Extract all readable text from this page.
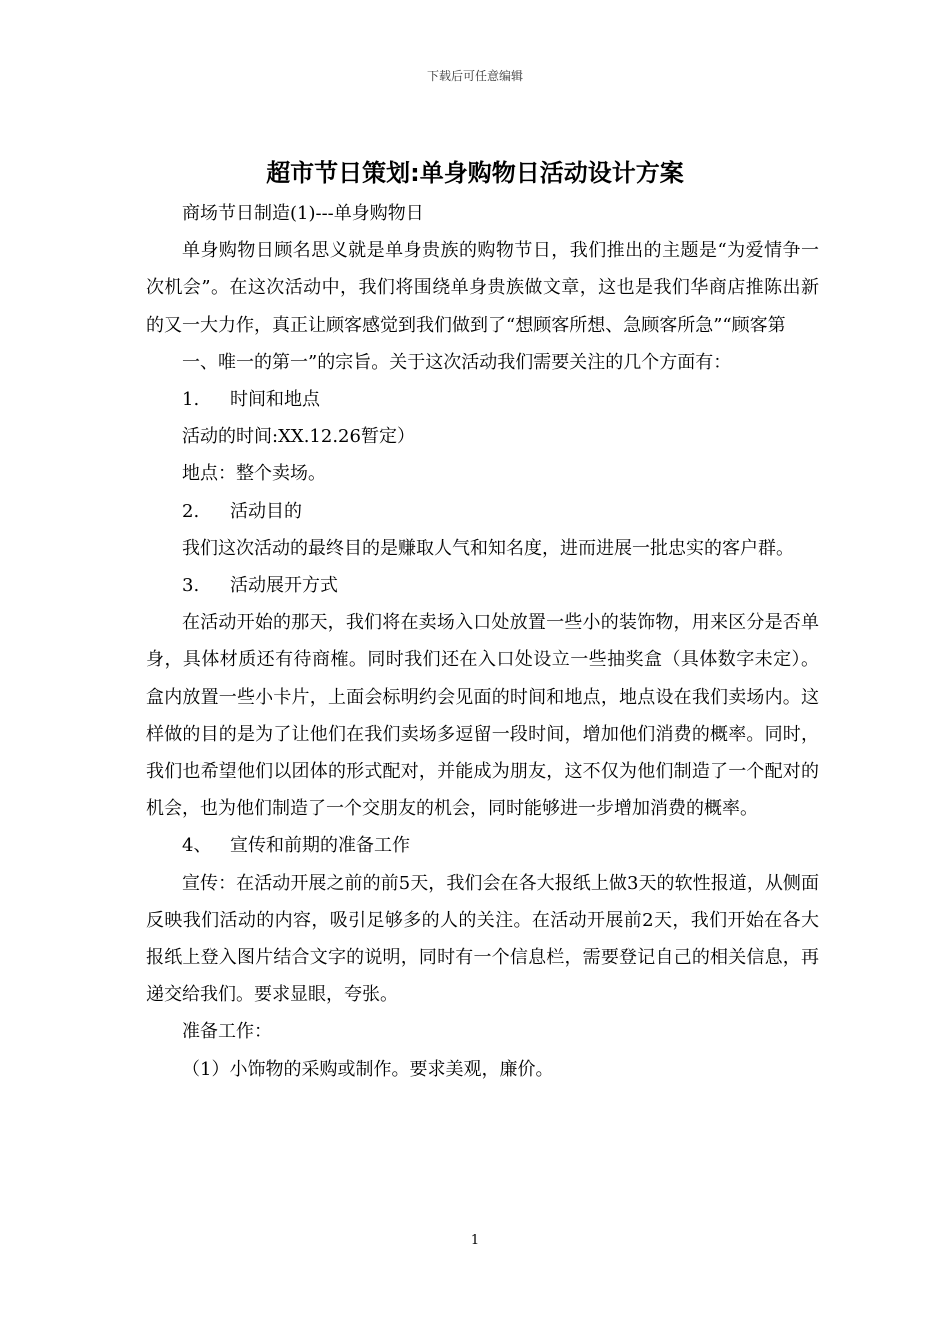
下载后可任意编辑
超市节日策划:单身购物日活动设计方案

商场节日制造(1)---单身购物日

单身购物日顾名思义就是单身贵族的购物节日，我们推出的主题是“为爱情争一次机会”。在这次活动中，我们将围绕单身贵族做文章，这也是我们华商店推陈出新的又一大力作，真正让顾客感觉到我们做到了“想顾客所想、急顾客所急”“顾客第

一、唯一的第一”的宗旨。关于这次活动我们需要关注的几个方面有：

1. 时间和地点

活动的时间:XX.12.26暂定）

地点：整个卖场。

2. 活动目的

我们这次活动的最终目的是赚取人气和知名度，进而进展一批忠实的客户群。

3. 活动展开方式

在活动开始的那天，我们将在卖场入口处放置一些小的装饰物，用来区分是否单身，具体材质还有待商榷。同时我们还在入口处设立一些抽奖盒（具体数字未定）。盒内放置一些小卡片，上面会标明约会见面的时间和地点，地点设在我们卖场内。这样做的目的是为了让他们在我们卖场多逗留一段时间，增加他们消费的概率。同时，我们也希望他们以团体的形式配对，并能成为朋友，这不仅为他们制造了一个配对的机会，也为他们制造了一个交朋友的机会，同时能够进一步增加消费的概率。

4、 宣传和前期的准备工作

宣传：在活动开展之前的前5天，我们会在各大报纸上做3天的软性报道，从侧面反映我们活动的内容，吸引足够多的人的关注。在活动开展前2天，我们开始在各大报纸上登入图片结合文字的说明，同时有一个信息栏，需要登记自己的相关信息，再递交给我们。要求显眼，夸张。

准备工作：

（1）小饰物的采购或制作。要求美观，廉价。

1
